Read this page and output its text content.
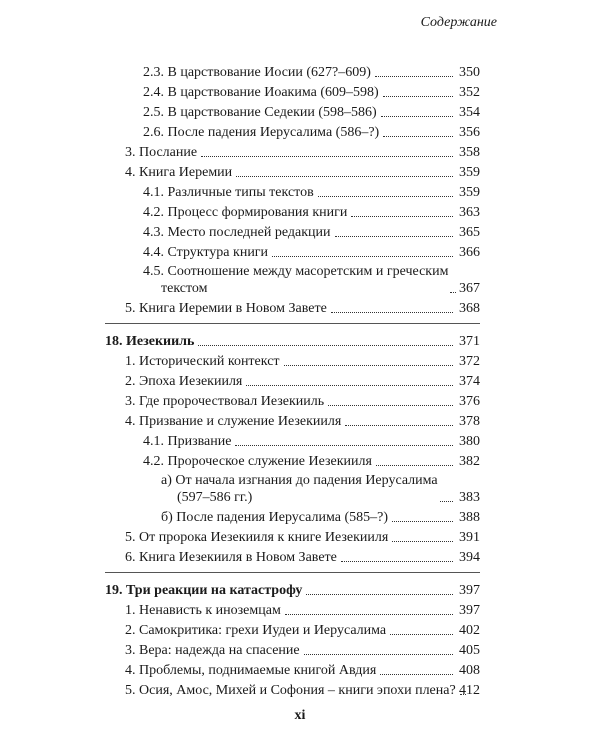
Содержание
2.3. В царствование Иосии (627?–609)	350
2.4. В царствование Иоакима (609–598)	352
2.5. В царствование Седекии (598–586)	354
2.6. После падения Иерусалима (586–?)	356
3. Послание	358
4. Книга Иеремии	359
4.1. Различные типы текстов	359
4.2. Процесс формирования книги	363
4.3. Место последней редакции	365
4.4. Структура книги	366
4.5. Соотношение между масоретским и греческим
текстом	367
5. Книга Иеремии в Новом Завете	368
18. Иезекииль	371
1. Исторический контекст	372
2. Эпоха Иезекииля	374
3. Где пророчествовал Иезекииль	376
4. Призвание и служение Иезекииля	378
4.1. Призвание	380
4.2. Пророческое служение Иезекииля	382
а) От начала изгнания до падения Иерусалима
(597–586 гг.)	383
б) После падения Иерусалима (585–?)	388
5. От пророка Иезекииля к книге Иезекииля	391
6. Книга Иезекииля в Новом Завете	394
19. Три реакции на катастрофу	397
1. Ненависть к иноземцам	397
2. Самокритика: грехи Иудеи и Иерусалима	402
3. Вера: надежда на спасение	405
4. Проблемы, поднимаемые книгой Авдия	408
5. Осия, Амос, Михей и Софония – книги эпохи плена? 412
xi
